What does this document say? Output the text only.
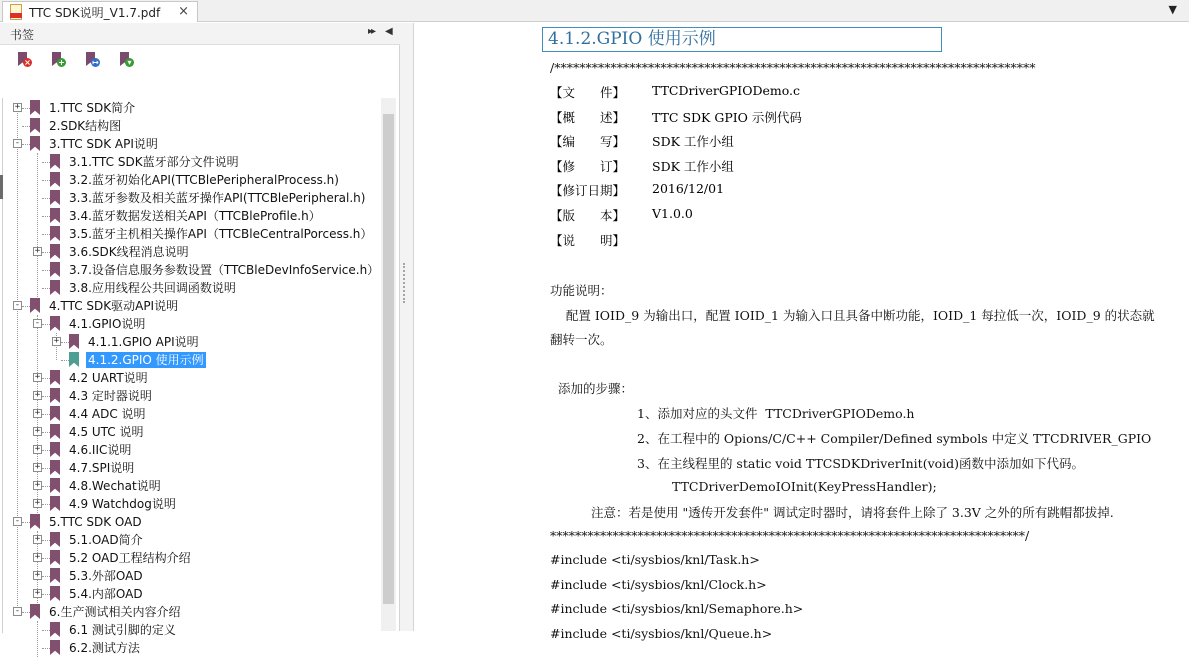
TTC SDK说明_V1.7.pdf ×	▼
书签	▸▸ ◀
×	+	↦	▾
+ 1.TTC SDK简介
2.SDK结构图
- 3.TTC SDK API说明
3.1.TTC SDK蓝牙部分文件说明
3.2.蓝牙初始化API(TTCBlePeripheralProcess.h)
3.3.蓝牙参数及相关蓝牙操作API(TTCBlePeripheral.h)
3.4.蓝牙数据发送相关API（TTCBleProfile.h）
3.5.蓝牙主机相关操作API（TTCBleCentralPorcess.h）
+ 3.6.SDK线程消息说明
3.7.设备信息服务参数设置（TTCBleDevInfoService.h）
3.8.应用线程公共回调函数说明
- 4.TTC SDK驱动API说明
- 4.1.GPIO说明
+ 4.1.1.GPIO API说明
4.1.2.GPIO 使用示例
+ 4.2 UART说明
+ 4.3 定时器说明
+ 4.4 ADC 说明
+ 4.5 UTC 说明
+ 4.6.IIC说明
+ 4.7.SPI说明
+ 4.8.Wechat说明
+ 4.9 Watchdog说明
- 5.TTC SDK OAD
+ 5.1.OAD简介
+ 5.2 OAD工程结构介绍
+ 5.3.外部OAD
+ 5.4.内部OAD
- 6.生产测试相关内容介绍
6.1 测试引脚的定义
6.2.测试方法
4.1.2.GPIO 使用示例
/*****************************************************************************
【文　　件】 TTCDriverGPIODemo.c
【概　　述】 TTC SDK GPIO 示例代码
【编　　写】 SDK 工作小组
【修　　订】 SDK 工作小组
【修订日期】 2016/12/01
【版　　本】 V1.0.0
【说　　明】
功能说明：
配置 IOID_9 为输出口，配置 IOID_1 为输入口且具备中断功能，IOID_1 每拉低一次，IOID_9 的状态就
翻转一次。
添加的步骤：
1、添加对应的头文件  TTCDriverGPIODemo.h
2、在工程中的 Opions/C/C++ Compiler/Defined symbols 中定义 TTCDRIVER_GPIO
3、在主线程里的 static void TTCSDKDriverInit(void)函数中添加如下代码。
TTCDriverDemoIOInit(KeyPressHandler);
注意：若是使用 "透传开发套件" 调试定时器时，请将套件上除了 3.3V 之外的所有跳帽都拔掉.
****************************************************************************/
#include <ti/sysbios/knl/Task.h>
#include <ti/sysbios/knl/Clock.h>
#include <ti/sysbios/knl/Semaphore.h>
#include <ti/sysbios/knl/Queue.h>
